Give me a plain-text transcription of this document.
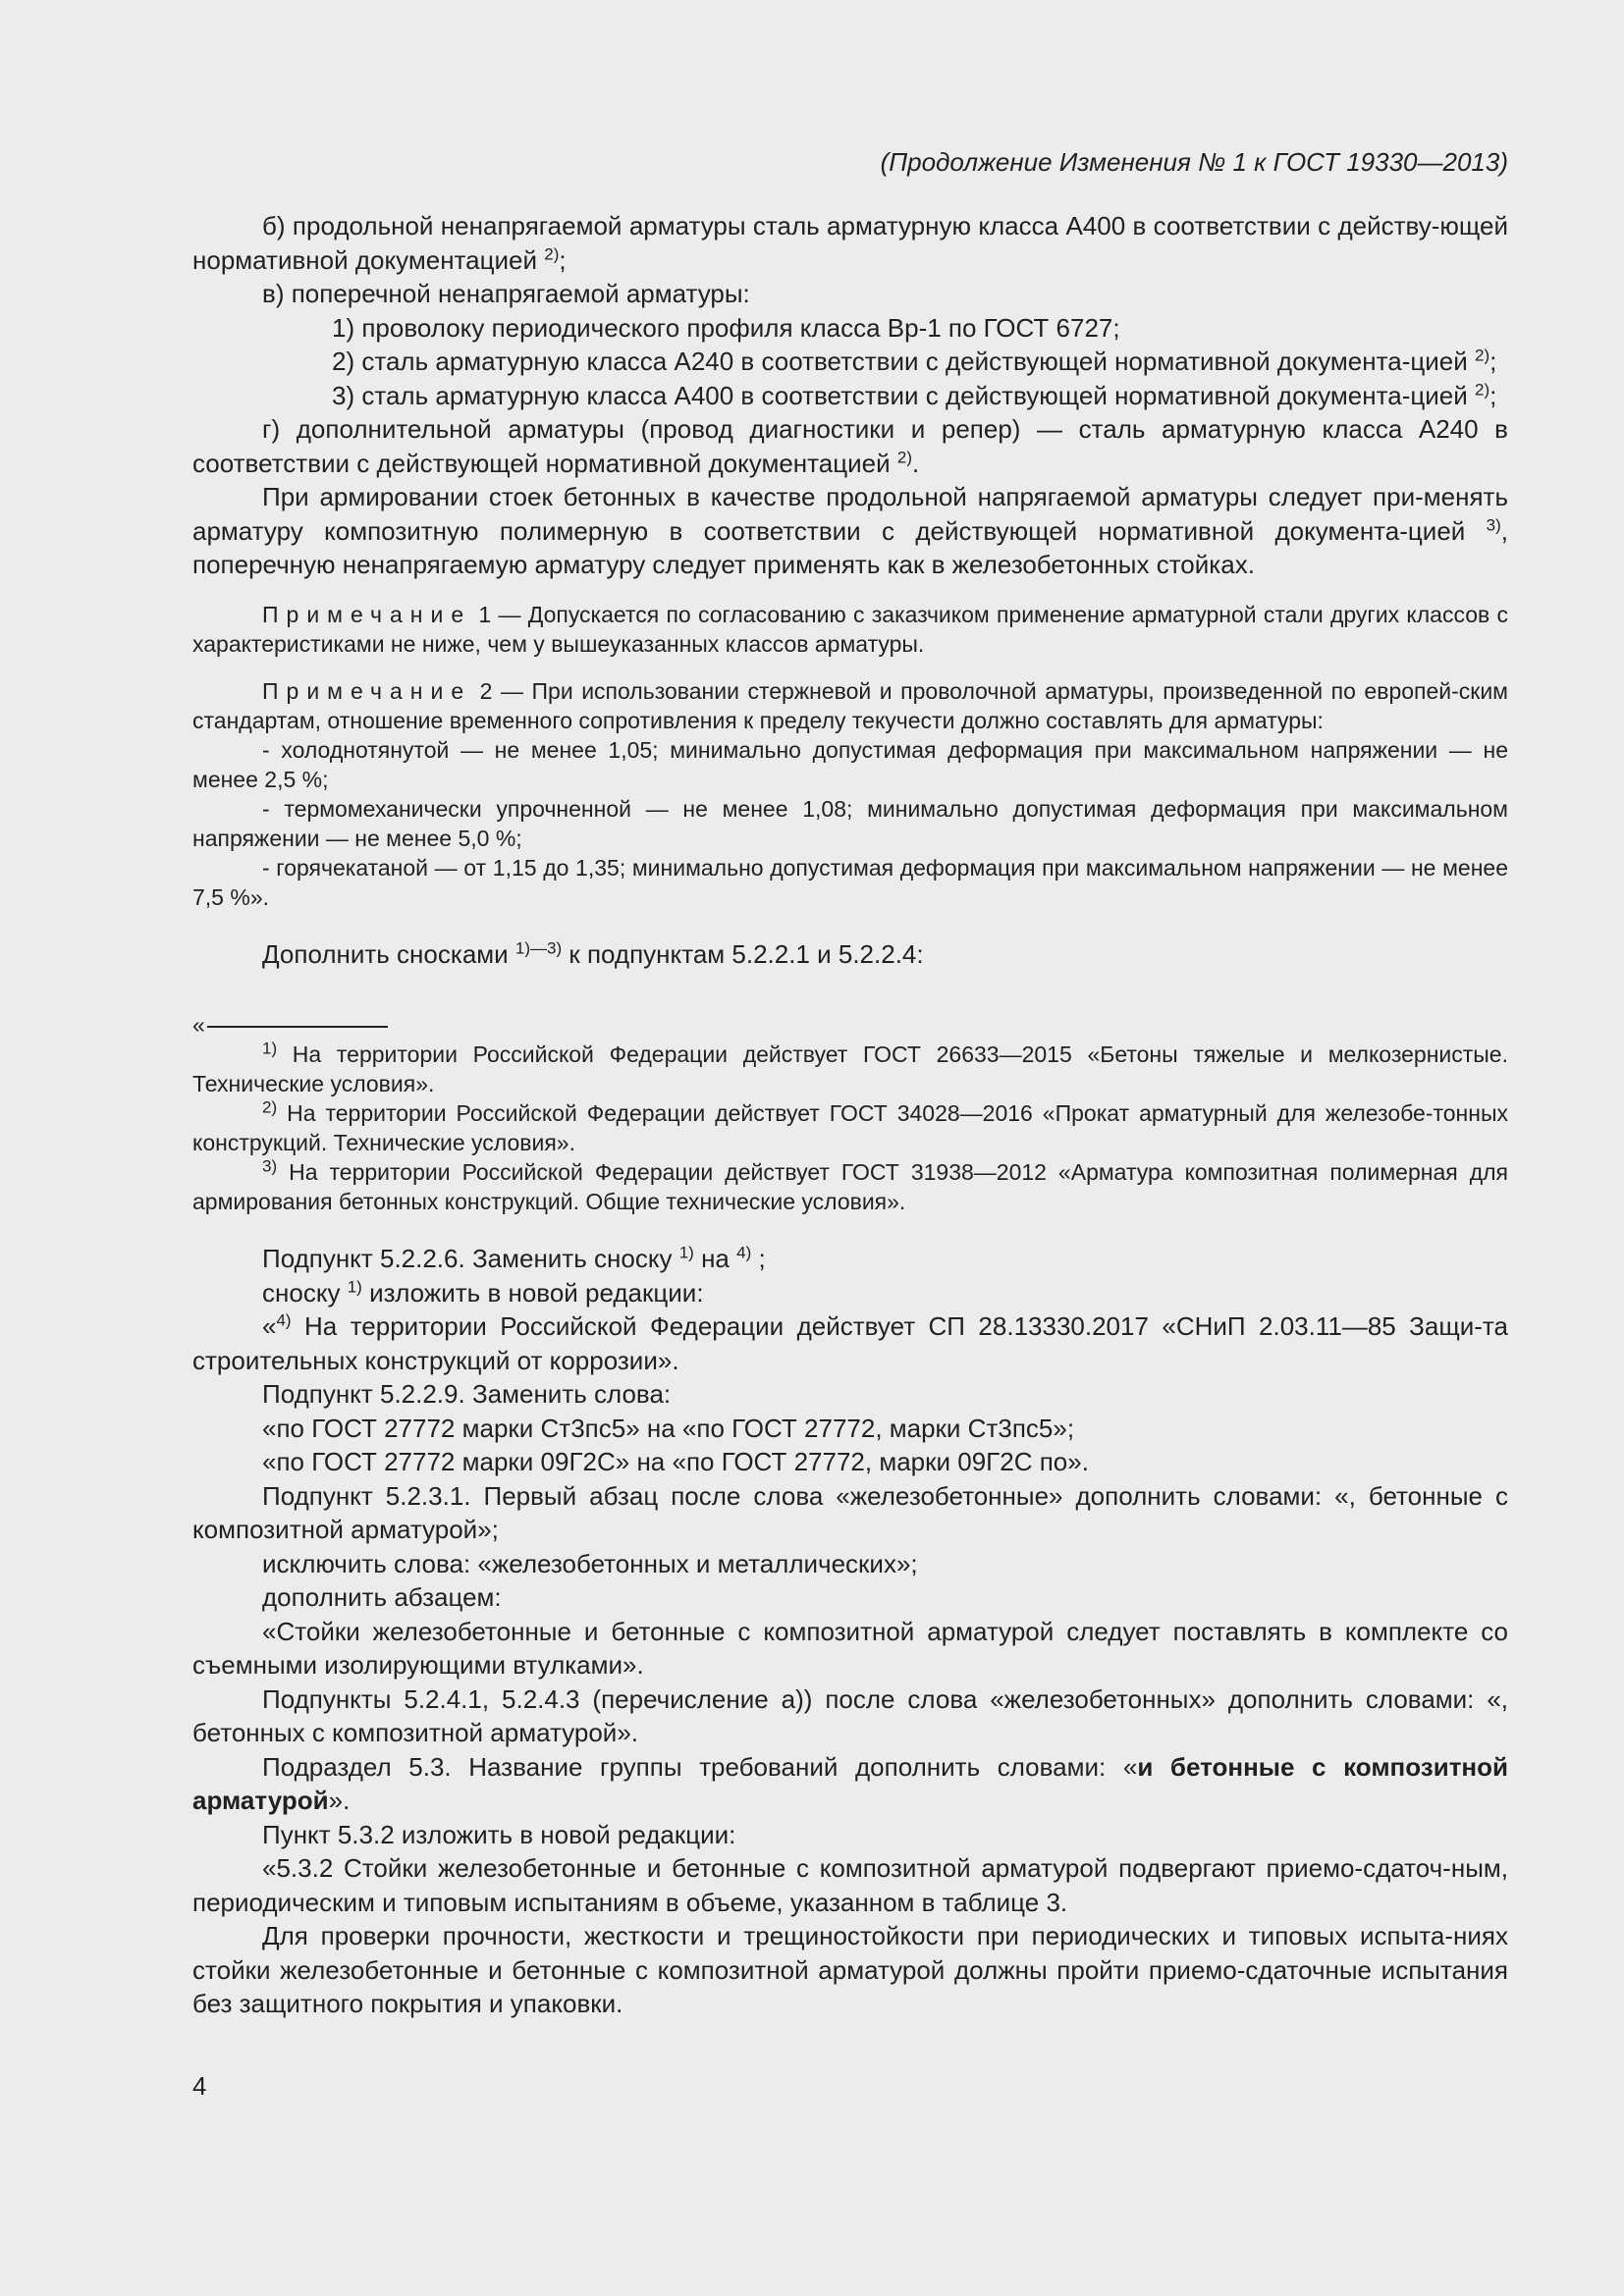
(Продолжение Изменения № 1 к ГОСТ 19330—2013)

б) продольной ненапрягаемой арматуры сталь арматурную класса А400 в соответствии с действу-ющей нормативной документацией $^{2)}$;

в) поперечной ненапрягаемой арматуры:

1) проволоку периодического профиля класса Вр-1 по ГОСТ 6727;

2) сталь арматурную класса А240 в соответствии с действующей нормативной документа-цией $^{2)}$;

3) сталь арматурную класса А400 в соответствии с действующей нормативной документа-цией $^{2)}$;

г) дополнительной арматуры (провод диагностики и репер) — сталь арматурную класса А240 в соответствии с действующей нормативной документацией $^{2)}$.

При армировании стоек бетонных в качестве продольной напрягаемой арматуры следует при-менять арматуру композитную полимерную в соответствии с действующей нормативной документа-цией $^{3)}$, поперечную ненапрягаемую арматуру следует применять как в железобетонных стойках.

Примечание 1 — Допускается по согласованию с заказчиком применение арматурной стали других классов с характеристиками не ниже, чем у вышеуказанных классов арматуры.

Примечание 2 — При использовании стержневой и проволочной арматуры, произведенной по европей-ским стандартам, отношение временного сопротивления к пределу текучести должно составлять для арматуры:

- холоднотянутой — не менее 1,05; минимально допустимая деформация при максимальном напряжении — не менее 2,5 %;

- термомеханически упрочненной — не менее 1,08; минимально допустимая деформация при максимальном напряжении — не менее 5,0 %;

- горячекатаной — от 1,15 до 1,35; минимально допустимая деформация при максимальном напряжении — не менее 7,5 %».

Дополнить сносками $^{1)—3)}$ к подпунктам 5.2.2.1 и 5.2.2.4:

«

$^{1)}$ На территории Российской Федерации действует ГОСТ 26633—2015 «Бетоны тяжелые и мелкозернистые. Технические условия».

$^{2)}$ На территории Российской Федерации действует ГОСТ 34028—2016 «Прокат арматурный для железобе-тонных конструкций. Технические условия».

$^{3)}$ На территории Российской Федерации действует ГОСТ 31938—2012 «Арматура композитная полимерная для армирования бетонных конструкций. Общие технические условия».

Подпункт 5.2.2.6. Заменить сноску $^{1)}$ на $^{4)}$ ;

сноску $^{1)}$ изложить в новой редакции:

«$^{4)}$ На территории Российской Федерации действует СП 28.13330.2017 «СНиП 2.03.11—85 Защи-та строительных конструкций от коррозии».

Подпункт 5.2.2.9. Заменить слова:

«по ГОСТ 27772 марки Ст3пс5» на «по ГОСТ 27772, марки Ст3пс5»;

«по ГОСТ 27772 марки 09Г2С» на «по ГОСТ 27772, марки 09Г2С по».

Подпункт 5.2.3.1. Первый абзац после слова «железобетонные» дополнить словами: «, бетонные с композитной арматурой»;

исключить слова: «железобетонных и металлических»;

дополнить абзацем:

«Стойки железобетонные и бетонные с композитной арматурой следует поставлять в комплекте со съемными изолирующими втулками».

Подпункты 5.2.4.1, 5.2.4.3 (перечисление а)) после слова «железобетонных» дополнить словами: «, бетонных с композитной арматурой».

Подраздел 5.3. Название группы требований дополнить словами: «и бетонные с композитной арматурой».

Пункт 5.3.2 изложить в новой редакции:

«5.3.2 Стойки железобетонные и бетонные с композитной арматурой подвергают приемо-сдаточ-ным, периодическим и типовым испытаниям в объеме, указанном в таблице 3.

Для проверки прочности, жесткости и трещиностойкости при периодических и типовых испыта-ниях стойки железобетонные и бетонные с композитной арматурой должны пройти приемо-сдаточные испытания без защитного покрытия и упаковки.

4
